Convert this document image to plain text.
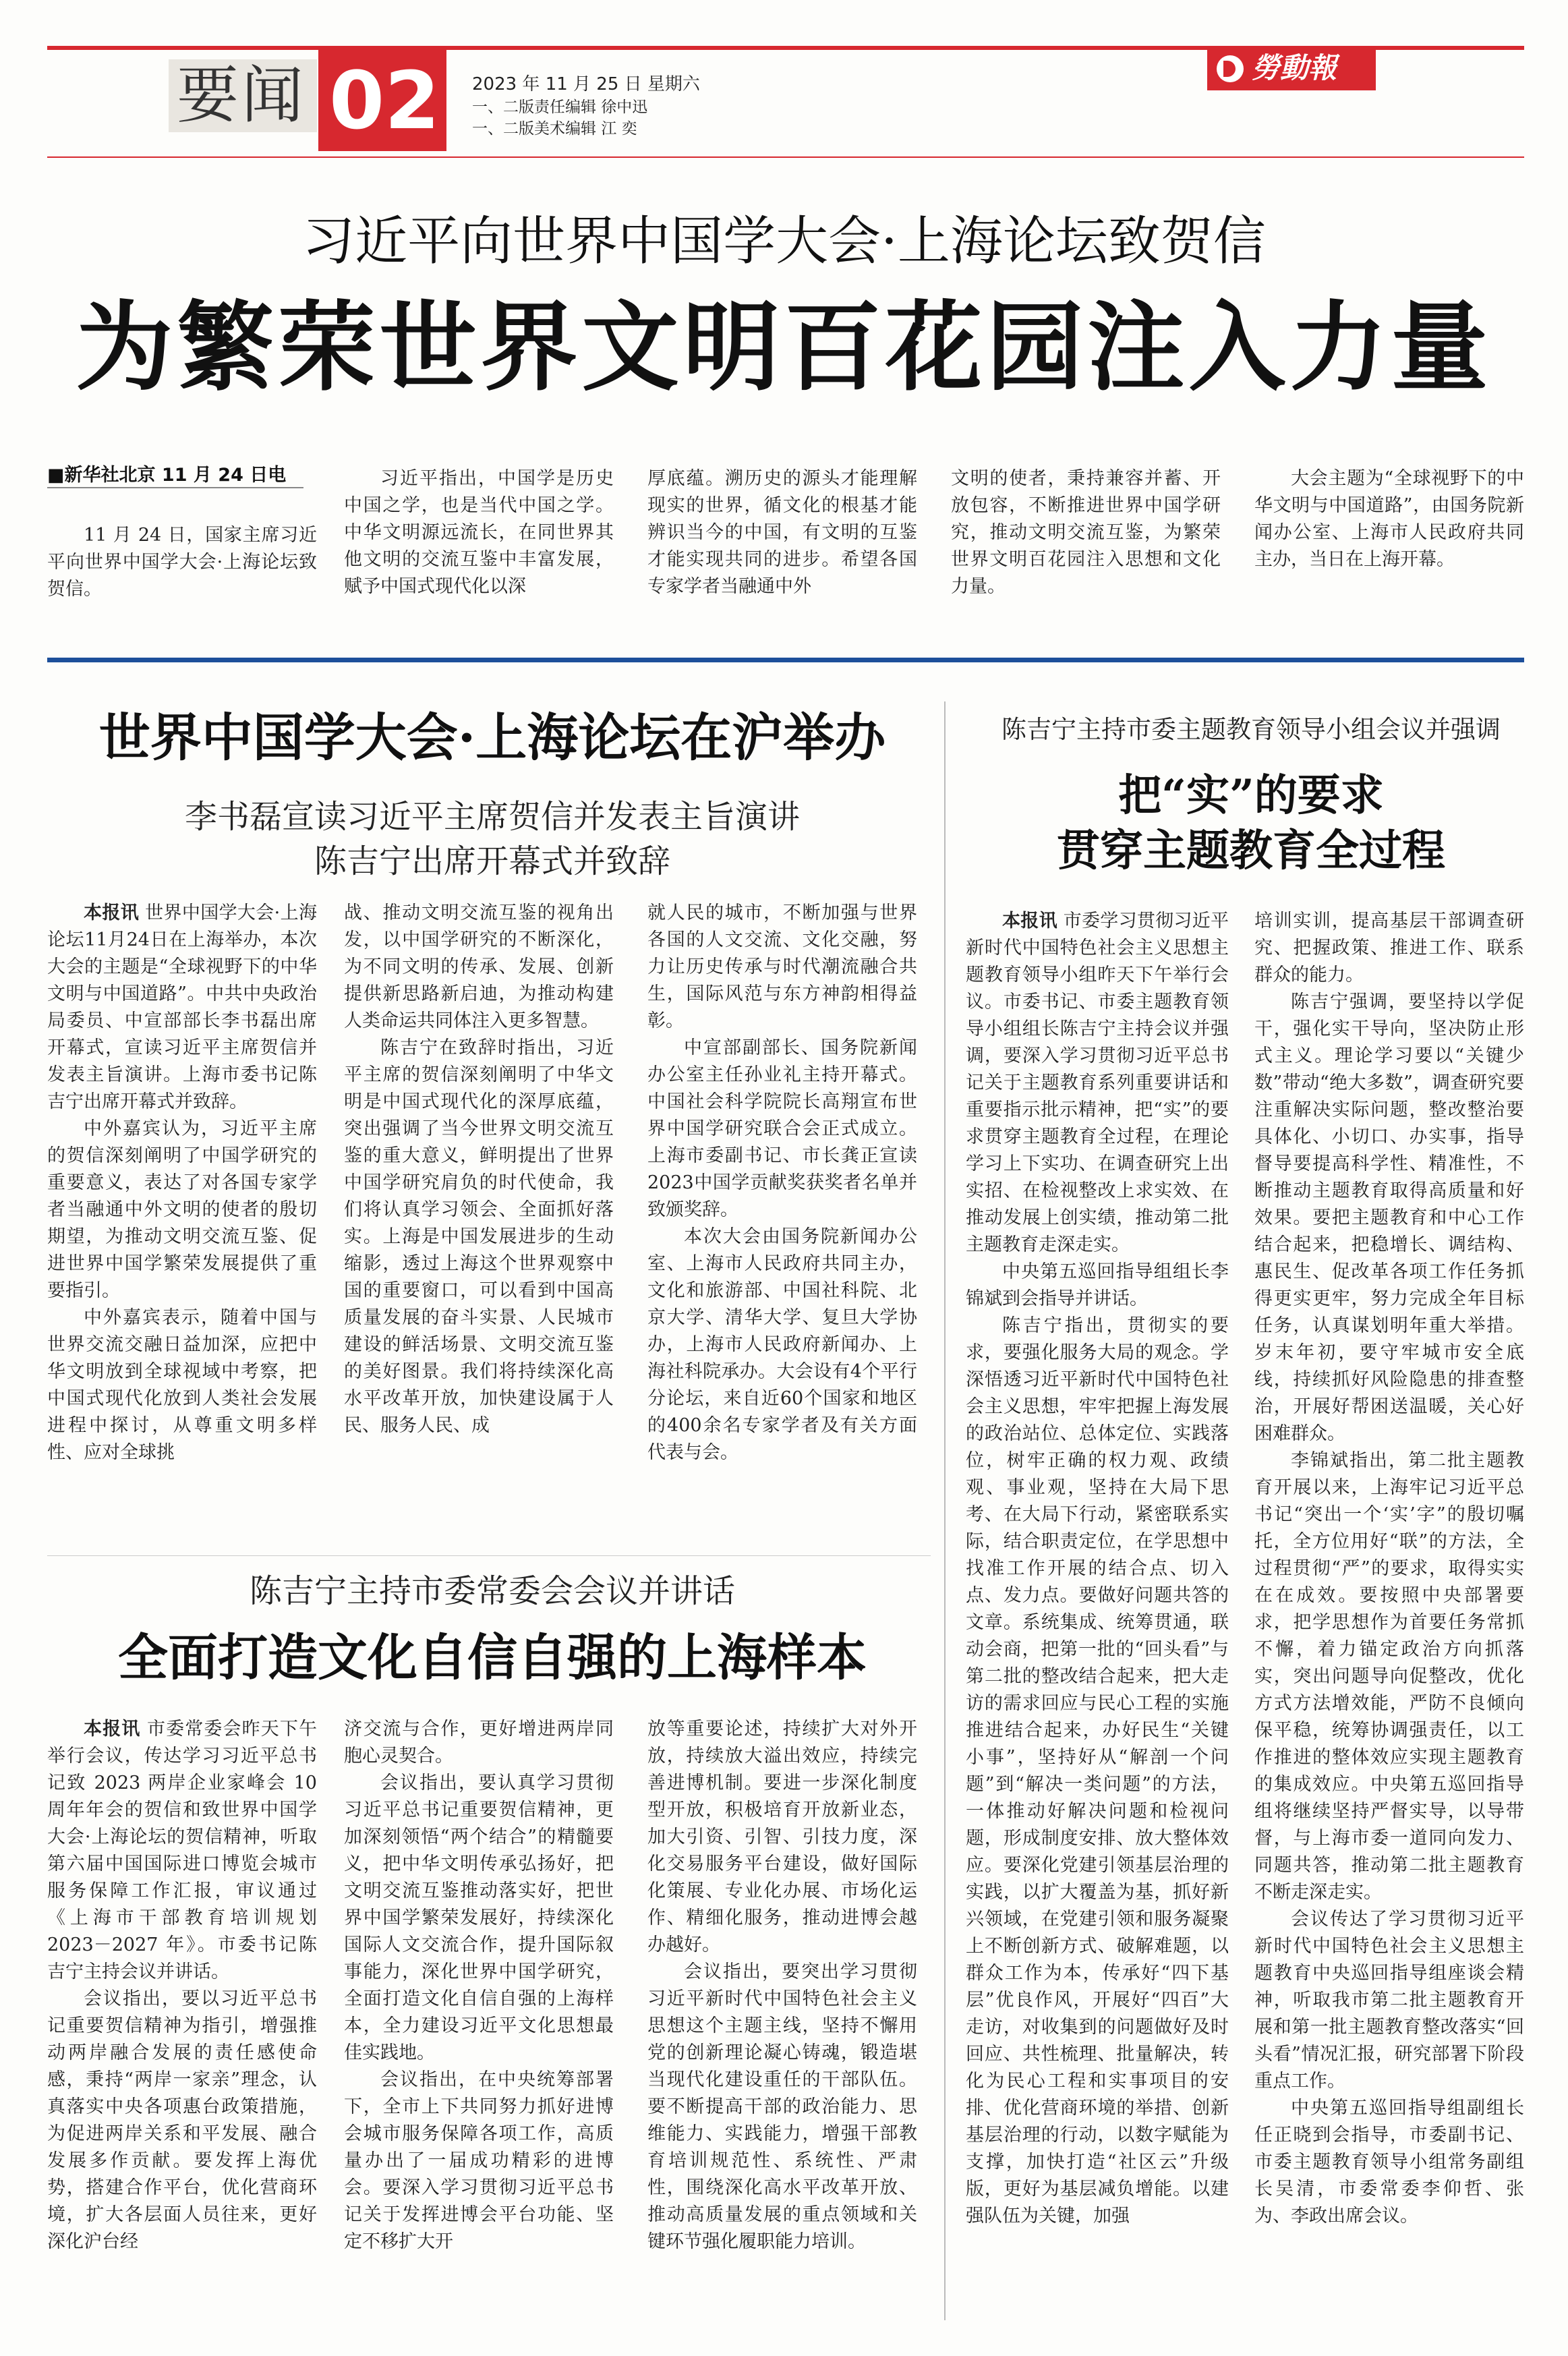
要闻 02 2023 年 11 月 25 日 星期六
一、二版责任编辑 徐中迅
一、二版美术编辑 江 奕
勞動報
习近平向世界中国学大会·上海论坛致贺信
为繁荣世界文明百花园注入力量
■新华社北京 11 月 24 日电

11 月 24 日，国家主席习近平向世界中国学大会·上海论坛致贺信。

习近平指出，中国学是历史中国之学，也是当代中国之学。中华文明源远流长，在同世界其他文明的交流互鉴中丰富发展，赋予中国式现代化以深

厚底蕴。溯历史的源头才能理解现实的世界，循文化的根基才能辨识当今的中国，有文明的互鉴才能实现共同的进步。希望各国专家学者当融通中外

文明的使者，秉持兼容并蓄、开放包容，不断推进世界中国学研究，推动文明交流互鉴，为繁荣世界文明百花园注入思想和文化力量。

大会主题为“全球视野下的中华文明与中国道路”，由国务院新闻办公室、上海市人民政府共同主办，当日在上海开幕。

世界中国学大会·上海论坛在沪举办
李书磊宣读习近平主席贺信并发表主旨演讲
陈吉宁出席开幕式并致辞

本报讯 世界中国学大会·上海论坛11月24日在上海举办，本次大会的主题是“全球视野下的中华文明与中国道路”。中共中央政治局委员、中宣部部长李书磊出席开幕式，宣读习近平主席贺信并发表主旨演讲。上海市委书记陈吉宁出席开幕式并致辞。

中外嘉宾认为，习近平主席的贺信深刻阐明了中国学研究的重要意义，表达了对各国专家学者当融通中外文明的使者的殷切期望，为推动文明交流互鉴、促进世界中国学繁荣发展提供了重要指引。

中外嘉宾表示，随着中国与世界交流交融日益加深，应把中华文明放到全球视域中考察，把中国式现代化放到人类社会发展进程中探讨，从尊重文明多样性、应对全球挑

战、推动文明交流互鉴的视角出发，以中国学研究的不断深化，为不同文明的传承、发展、创新提供新思路新启迪，为推动构建人类命运共同体注入更多智慧。

陈吉宁在致辞时指出，习近平主席的贺信深刻阐明了中华文明是中国式现代化的深厚底蕴，突出强调了当今世界文明交流互鉴的重大意义，鲜明提出了世界中国学研究肩负的时代使命，我们将认真学习领会、全面抓好落实。上海是中国发展进步的生动缩影，透过上海这个世界观察中国的重要窗口，可以看到中国高质量发展的奋斗实景、人民城市建设的鲜活场景、文明交流互鉴的美好图景。我们将持续深化高水平改革开放，加快建设属于人民、服务人民、成

就人民的城市，不断加强与世界各国的人文交流、文化交融，努力让历史传承与时代潮流融合共生，国际风范与东方神韵相得益彰。

中宣部副部长、国务院新闻办公室主任孙业礼主持开幕式。中国社会科学院院长高翔宣布世界中国学研究联合会正式成立。上海市委副书记、市长龚正宣读2023中国学贡献奖获奖者名单并致颁奖辞。

本次大会由国务院新闻办公室、上海市人民政府共同主办，文化和旅游部、中国社科院、北京大学、清华大学、复旦大学协办，上海市人民政府新闻办、上海社科院承办。大会设有4个平行分论坛，来自近60个国家和地区的400余名专家学者及有关方面代表与会。

陈吉宁主持市委主题教育领导小组会议并强调
把“实”的要求
贯穿主题教育全过程

本报讯 市委学习贯彻习近平新时代中国特色社会主义思想主题教育领导小组昨天下午举行会议。市委书记、市委主题教育领导小组组长陈吉宁主持会议并强调，要深入学习贯彻习近平总书记关于主题教育系列重要讲话和重要指示批示精神，把“实”的要求贯穿主题教育全过程，在理论学习上下实功、在调查研究上出实招、在检视整改上求实效、在推动发展上创实绩，推动第二批主题教育走深走实。

中央第五巡回指导组组长李锦斌到会指导并讲话。

陈吉宁指出，贯彻实的要求，要强化服务大局的观念。学深悟透习近平新时代中国特色社会主义思想，牢牢把握上海发展的政治站位、总体定位、实践落位，树牢正确的权力观、政绩观、事业观，坚持在大局下思考、在大局下行动，紧密联系实际，结合职责定位，在学思想中找准工作开展的结合点、切入点、发力点。要做好问题共答的文章。系统集成、统筹贯通，联动会商，把第一批的“回头看”与第二批的整改结合起来，把大走访的需求回应与民心工程的实施推进结合起来，办好民生“关键小事”，坚持好从“解剖一个问题”到“解决一类问题”的方法，一体推动好解决问题和检视问题，形成制度安排、放大整体效应。要深化党建引领基层治理的实践，以扩大覆盖为基，抓好新兴领域，在党建引领和服务凝聚上不断创新方式、破解难题，以群众工作为本，传承好“四下基层”优良作风，开展好“四百”大走访，对收集到的问题做好及时回应、共性梳理、批量解决，转化为民心工程和实事项目的安排、优化营商环境的举措、创新基层治理的行动，以数字赋能为支撑，加快打造“社区云”升级版，更好为基层减负增能。以建强队伍为关键，加强

培训实训，提高基层干部调查研究、把握政策、推进工作、联系群众的能力。

陈吉宁强调，要坚持以学促干，强化实干导向，坚决防止形式主义。理论学习要以“关键少数”带动“绝大多数”，调查研究要注重解决实际问题，整改整治要具体化、小切口、办实事，指导督导要提高科学性、精准性，不断推动主题教育取得高质量和好效果。要把主题教育和中心工作结合起来，把稳增长、调结构、惠民生、促改革各项工作任务抓得更实更牢，努力完成全年目标任务，认真谋划明年重大举措。岁末年初，要守牢城市安全底线，持续抓好风险隐患的排查整治，开展好帮困送温暖，关心好困难群众。

李锦斌指出，第二批主题教育开展以来，上海牢记习近平总书记“突出一个‘实’字”的殷切嘱托，全方位用好“联”的方法，全过程贯彻“严”的要求，取得实实在在成效。要按照中央部署要求，把学思想作为首要任务常抓不懈，着力锚定政治方向抓落实，突出问题导向促整改，优化方式方法增效能，严防不良倾向保平稳，统筹协调强责任，以工作推进的整体效应实现主题教育的集成效应。中央第五巡回指导组将继续坚持严督实导，以导带督，与上海市委一道同向发力、同题共答，推动第二批主题教育不断走深走实。

会议传达了学习贯彻习近平新时代中国特色社会主义思想主题教育中央巡回指导组座谈会精神，听取我市第二批主题教育开展和第一批主题教育整改落实“回头看”情况汇报，研究部署下阶段重点工作。

中央第五巡回指导组副组长任正晓到会指导，市委副书记、市委主题教育领导小组常务副组长吴清，市委常委李仰哲、张为、李政出席会议。

陈吉宁主持市委常委会会议并讲话
全面打造文化自信自强的上海样本

本报讯 市委常委会昨天下午举行会议，传达学习习近平总书记致 2023 两岸企业家峰会 10 周年年会的贺信和致世界中国学大会·上海论坛的贺信精神，听取第六届中国国际进口博览会城市服务保障工作汇报，审议通过《上海市干部教育培训规划 2023－2027 年》。市委书记陈吉宁主持会议并讲话。

会议指出，要以习近平总书记重要贺信精神为指引，增强推动两岸融合发展的责任感使命感，秉持“两岸一家亲”理念，认真落实中央各项惠台政策措施，为促进两岸关系和平发展、融合发展多作贡献。要发挥上海优势，搭建合作平台，优化营商环境，扩大各层面人员往来，更好深化沪台经

济交流与合作，更好增进两岸同胞心灵契合。

会议指出，要认真学习贯彻习近平总书记重要贺信精神，更加深刻领悟“两个结合”的精髓要义，把中华文明传承弘扬好，把文明交流互鉴推动落实好，把世界中国学繁荣发展好，持续深化国际人文交流合作，提升国际叙事能力，深化世界中国学研究，全面打造文化自信自强的上海样本，全力建设习近平文化思想最佳实践地。

会议指出，在中央统筹部署下，全市上下共同努力抓好进博会城市服务保障各项工作，高质量办出了一届成功精彩的进博会。要深入学习贯彻习近平总书记关于发挥进博会平台功能、坚定不移扩大开

放等重要论述，持续扩大对外开放，持续放大溢出效应，持续完善进博机制。要进一步深化制度型开放，积极培育开放新业态，加大引资、引智、引技力度，深化交易服务平台建设，做好国际化策展、专业化办展、市场化运作、精细化服务，推动进博会越办越好。

会议指出，要突出学习贯彻习近平新时代中国特色社会主义思想这个主题主线，坚持不懈用党的创新理论凝心铸魂，锻造堪当现代化建设重任的干部队伍。要不断提高干部的政治能力、思维能力、实践能力，增强干部教育培训规范性、系统性、严肃性，围绕深化高水平改革开放、推动高质量发展的重点领域和关键环节强化履职能力培训。
